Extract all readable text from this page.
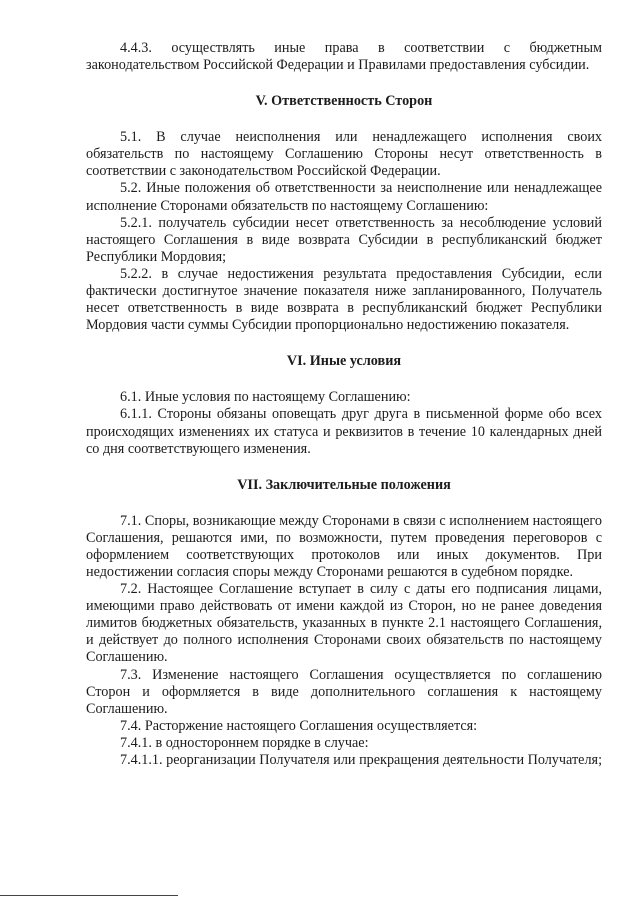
4.4.3. осуществлять иные права в соответствии с бюджетным законодательством Российской Федерации и Правилами предоставления субсидии.

V. Ответственность Сторон

5.1. В случае неисполнения или ненадлежащего исполнения своих обязательств по настоящему Соглашению Стороны несут ответственность в соответствии с законодательством Российской Федерации.

5.2. Иные положения об ответственности за неисполнение или ненадлежащее исполнение Сторонами обязательств по настоящему Соглашению:

5.2.1. получатель субсидии несет ответственность за несоблюдение условий настоящего Соглашения в виде возврата Субсидии в республиканский бюджет Республики Мордовия;

5.2.2. в случае недостижения результата предоставления Субсидии, если фактически достигнутое значение показателя ниже запланированного, Получатель несет ответственность в виде возврата в республиканский бюджет Республики Мордовия части суммы Субсидии пропорционально недостижению показателя.

VI. Иные условия

6.1. Иные условия по настоящему Соглашению:

6.1.1. Стороны обязаны оповещать друг друга в письменной форме обо всех происходящих изменениях их статуса и реквизитов в течение 10 календарных дней со дня соответствующего изменения.

VII. Заключительные положения

7.1. Споры, возникающие между Сторонами в связи с исполнением настоящего Соглашения, решаются ими, по возможности, путем проведения переговоров с оформлением соответствующих протоколов или иных документов. При недостижении согласия споры между Сторонами решаются в судебном порядке.

7.2. Настоящее Соглашение вступает в силу с даты его подписания лицами, имеющими право действовать от имени каждой из Сторон, но не ранее доведения лимитов бюджетных обязательств, указанных в пункте 2.1 настоящего Соглашения, и действует до полного исполнения Сторонами своих обязательств по настоящему Соглашению.

7.3. Изменение настоящего Соглашения осуществляется по соглашению Сторон и оформляется в виде дополнительного соглашения к настоящему Соглашению.

7.4. Расторжение настоящего Соглашения осуществляется:

7.4.1. в одностороннем порядке в случае:

7.4.1.1. реорганизации Получателя или прекращения деятельности Получателя;
